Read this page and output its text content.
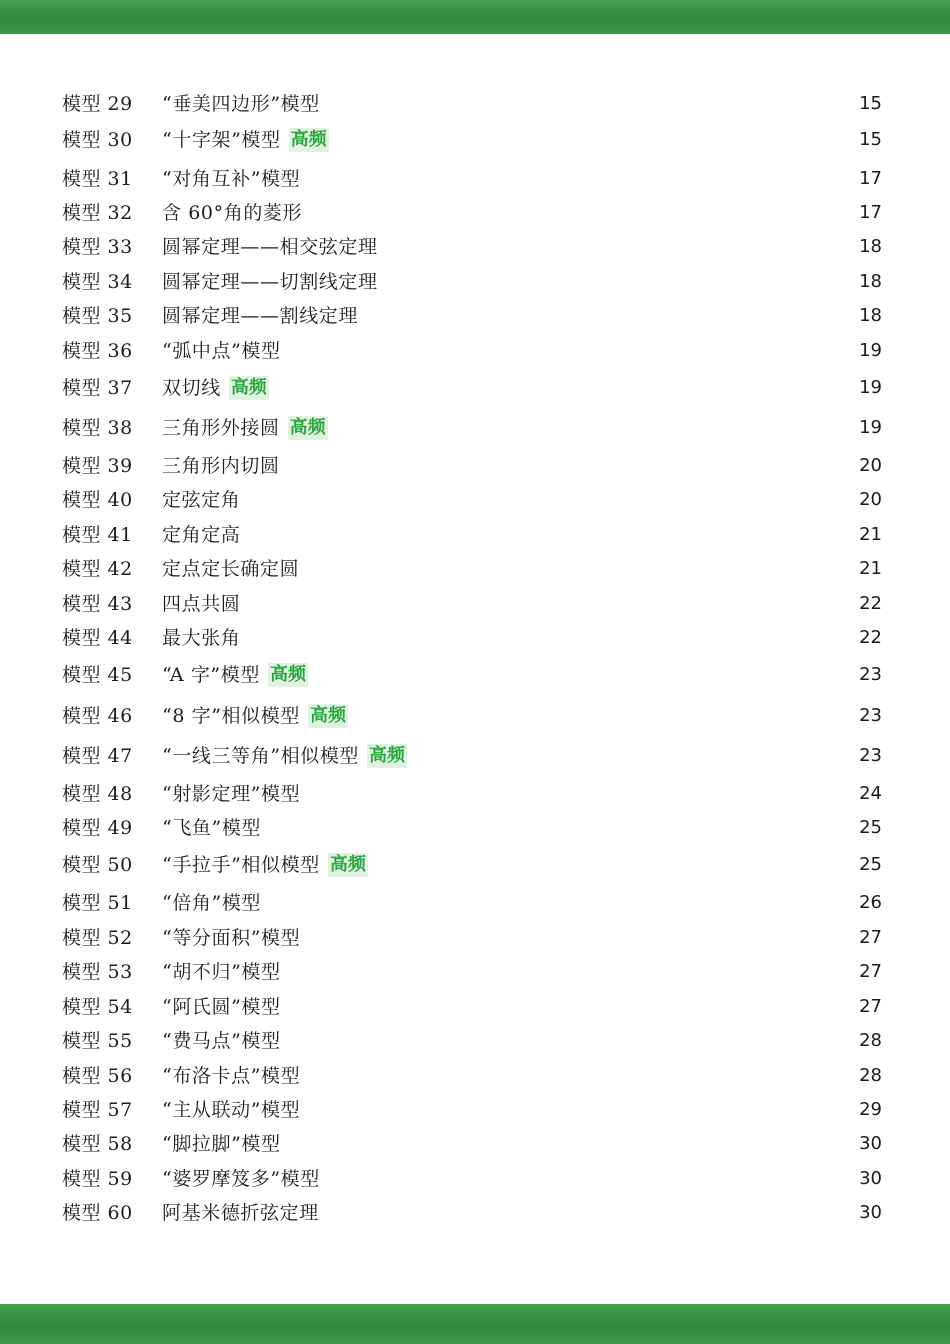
模型 29	“垂美四边形”模型	15
模型 30	“十字架”模型 高频	15
模型 31	“对角互补”模型	17
模型 32	含 60°角的菱形	17
模型 33	圆幂定理——相交弦定理	18
模型 34	圆幂定理——切割线定理	18
模型 35	圆幂定理——割线定理	18
模型 36	“弧中点”模型	19
模型 37	双切线 高频	19
模型 38	三角形外接圆 高频	19
模型 39	三角形内切圆	20
模型 40	定弦定角	20
模型 41	定角定高	21
模型 42	定点定长确定圆	21
模型 43	四点共圆	22
模型 44	最大张角	22
模型 45	“A 字”模型 高频	23
模型 46	“8 字”相似模型 高频	23
模型 47	“一线三等角”相似模型 高频	23
模型 48	“射影定理”模型	24
模型 49	“飞鱼”模型	25
模型 50	“手拉手”相似模型 高频	25
模型 51	“倍角”模型	26
模型 52	“等分面积”模型	27
模型 53	“胡不归”模型	27
模型 54	“阿氏圆”模型	27
模型 55	“费马点”模型	28
模型 56	“布洛卡点”模型	28
模型 57	“主从联动”模型	29
模型 58	“脚拉脚”模型	30
模型 59	“婆罗摩笈多”模型	30
模型 60	阿基米德折弦定理	30
